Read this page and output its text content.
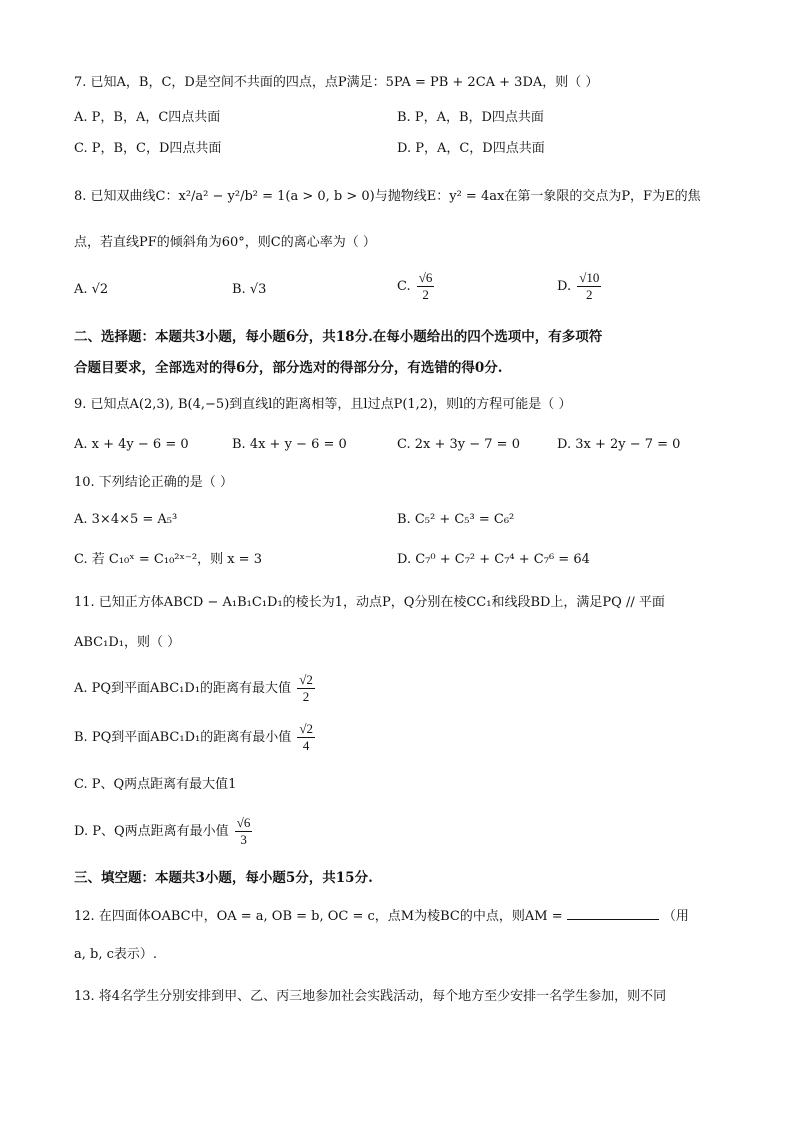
7. 已知A，B，C，D是空间不共面的四点，点P满足：5PA = PB + 2CA + 3DA，则（ ）
A. P，B，A，C四点共面	B. P，A，B，D四点共面
C. P，B，C，D四点共面	D. P，A，C，D四点共面
8. 已知双曲线C：x²/a² − y²/b² = 1(a > 0, b > 0)与抛物线E：y² = 4ax在第一象限的交点为P，F为E的焦
点，若直线PF的倾斜角为60°，则C的离心率为（ ）
A. √2	B. √3	C. $\frac{√6}{2}$	D. $\frac{√10}{2}$
二、选择题：本题共3小题，每小题6分，共18分.在每小题给出的四个选项中，有多项符
合题目要求，全部选对的得6分，部分选对的得部分分，有选错的得0分.
9. 已知点A(2,3), B(4,−5)到直线l的距离相等，且l过点P(1,2)，则l的方程可能是（ ）
A. x + 4y − 6 = 0	B. 4x + y − 6 = 0	C. 2x + 3y − 7 = 0	D. 3x + 2y − 7 = 0
10. 下列结论正确的是（ ）
A. 3×4×5 = A₅³	B. C₅² + C₅³ = C₆²
C. 若 C₁₀ˣ = C₁₀²ˣ⁻²，则 x = 3	D. C₇⁰ + C₇² + C₇⁴ + C₇⁶ = 64
11. 已知正方体ABCD − A₁B₁C₁D₁的棱长为1，动点P，Q分别在棱CC₁和线段BD上，满足PQ // 平面
ABC₁D₁，则（ ）
A. PQ到平面ABC₁D₁的距离有最大值 $\frac{√2}{2}$
B. PQ到平面ABC₁D₁的距离有最小值 $\frac{√2}{4}$
C. P、Q两点距离有最大值1
D. P、Q两点距离有最小值 $\frac{√6}{3}$
三、填空题：本题共3小题，每小题5分，共15分.
12. 在四面体OABC中，OA = a, OB = b, OC = c，点M为棱BC的中点，则AM =	（用
a, b, c表示）.
13. 将4名学生分别安排到甲、乙、丙三地参加社会实践活动，每个地方至少安排一名学生参加，则不同
